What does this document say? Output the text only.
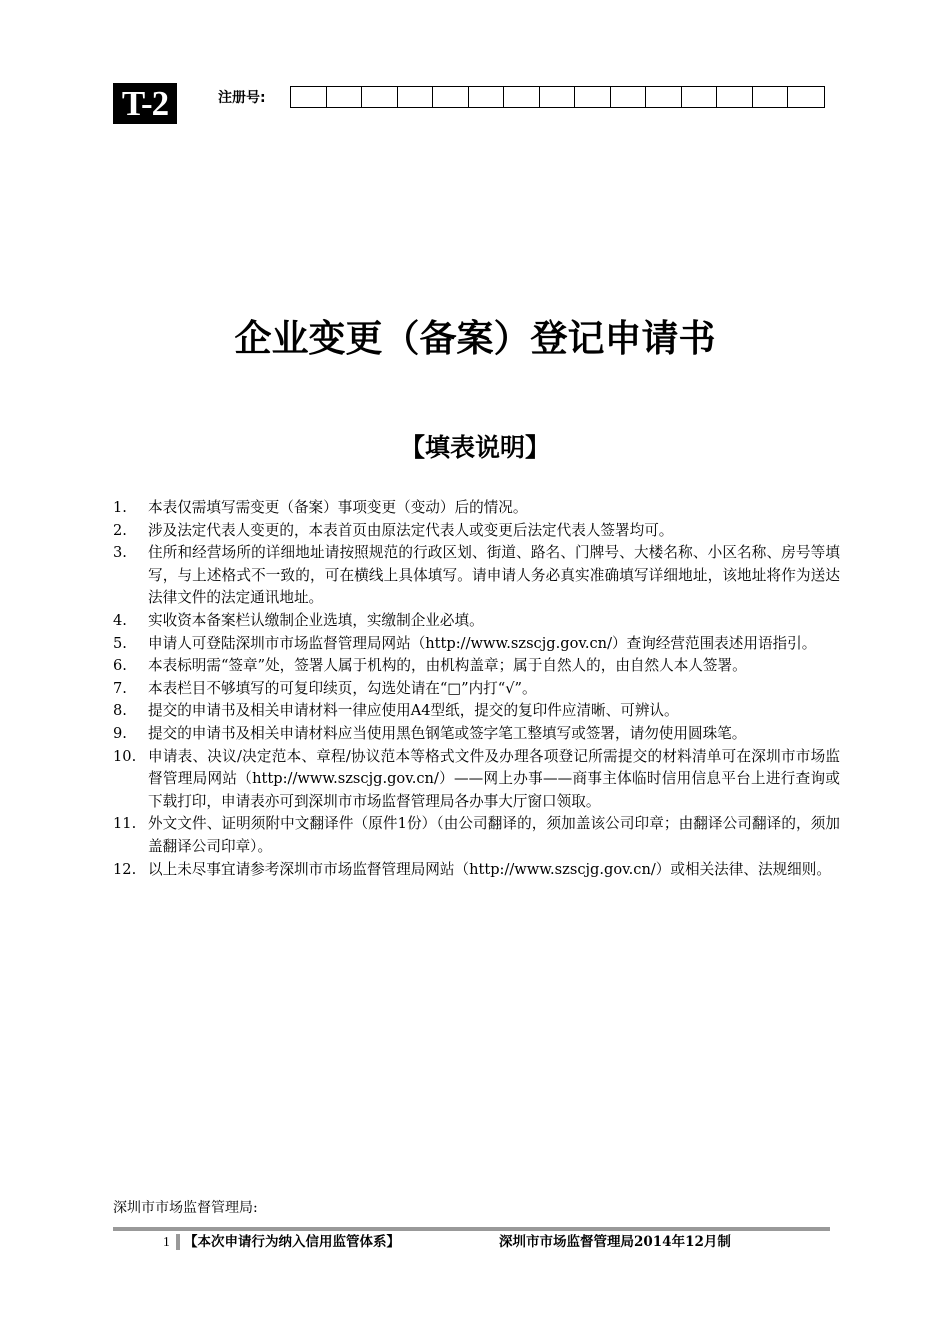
T-2	注册号:
企业变更（备案）登记申请书
【填表说明】
1. 本表仅需填写需变更（备案）事项变更（变动）后的情况。
2. 涉及法定代表人变更的，本表首页由原法定代表人或变更后法定代表人签署均可。
3. 住所和经营场所的详细地址请按照规范的行政区划、街道、路名、门牌号、大楼名称、小区名称、房号等填写，与上述格式不一致的，可在横线上具体填写。请申请人务必真实准确填写详细地址，该地址将作为送达法律文件的法定通讯地址。
4. 实收资本备案栏认缴制企业选填，实缴制企业必填。
5. 申请人可登陆深圳市市场监督管理局网站（http://www.szscjg.gov.cn/）查询经营范围表述用语指引。
6. 本表标明需“签章”处，签署人属于机构的，由机构盖章；属于自然人的，由自然人本人签署。
7. 本表栏目不够填写的可复印续页，勾选处请在“□”内打“√”。
8. 提交的申请书及相关申请材料一律应使用A4型纸，提交的复印件应清晰、可辨认。
9. 提交的申请书及相关申请材料应当使用黑色钢笔或签字笔工整填写或签署，请勿使用圆珠笔。
10. 申请表、决议/决定范本、章程/协议范本等格式文件及办理各项登记所需提交的材料清单可在深圳市市场监督管理局网站（http://www.szscjg.gov.cn/）——网上办事——商事主体临时信用信息平台上进行查询或下载打印，申请表亦可到深圳市市场监督管理局各办事大厅窗口领取。
11. 外文文件、证明须附中文翻译件（原件1份）（由公司翻译的，须加盖该公司印章；由翻译公司翻译的，须加盖翻译公司印章）。
12. 以上未尽事宜请参考深圳市市场监督管理局网站（http://www.szscjg.gov.cn/）或相关法律、法规细则。
深圳市市场监督管理局:
1 【本次申请行为纳入信用监管体系】	深圳市市场监督管理局2014年12月制
